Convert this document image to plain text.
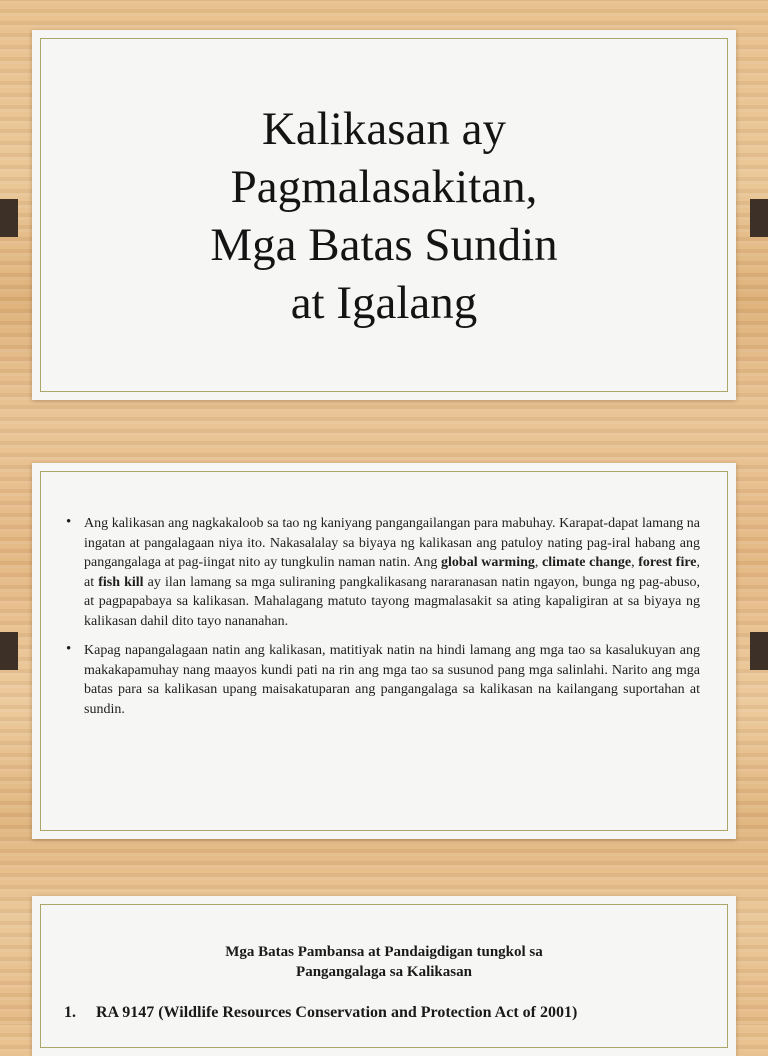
Kalikasan ay
Pagmalasakitan,
Mga Batas Sundin
at Igalang
• Ang kalikasan ang nagkakaloob sa tao ng kaniyang pangangailangan para mabuhay. Karapat-dapat lamang na ingatan at pangalagaan niya ito. Nakasalalay sa biyaya ng kalikasan ang patuloy nating pag-iral habang ang pangangalaga at pag-iingat nito ay tungkulin naman natin. Ang global warming, climate change, forest fire, at fish kill ay ilan lamang sa mga suliraning pangkalikasang nararanasan natin ngayon, bunga ng pag-abuso, at pagpapabaya sa kalikasan. Mahalagang matuto tayong magmalasakit sa ating kapaligiran at sa biyaya ng kalikasan dahil dito tayo nananahan.
• Kapag napangalagaan natin ang kalikasan, matitiyak natin na hindi lamang ang mga tao sa kasalukuyan ang makakapamuhay nang maayos kundi pati na rin ang mga tao sa susunod pang mga salinlahi. Narito ang mga batas para sa kalikasan upang maisakatuparan ang pangangalaga sa kalikasan na kailangang suportahan at sundin.
Mga Batas Pambansa at Pandaigdigan tungkol sa
Pangangalaga sa Kalikasan
1. RA 9147 (Wildlife Resources Conservation and Protection Act of 2001)
